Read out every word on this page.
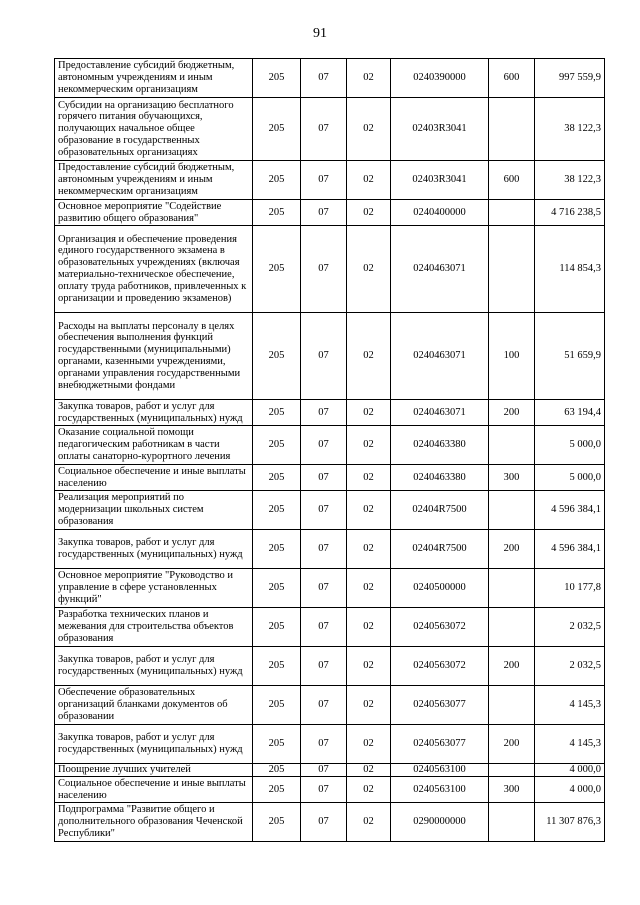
91
Предоставление субсидий бюджетным, автономным учреждениям и иным некоммерческим организациям	205	07	02	0240390000	600	997 559,9
Субсидии на организацию бесплатного горячего питания обучающихся, получающих начальное общее образование в государственных образовательных организациях	205	07	02	02403R3041		38 122,3
Предоставление субсидий бюджетным, автономным учреждениям и иным некоммерческим организациям	205	07	02	02403R3041	600	38 122,3
Основное мероприятие "Содействие развитию общего образования"	205	07	02	0240400000		4 716 238,5
Организация и обеспечение проведения единого государственного экзамена в образовательных учреждениях (включая материально-техническое обеспечение, оплату труда работников, привлеченных к организации и проведению экзаменов)	205	07	02	0240463071		114 854,3
Расходы на выплаты персоналу в целях обеспечения выполнения функций государственными (муниципальными) органами, казенными учреждениями, органами управления государственными внебюджетными фондами	205	07	02	0240463071	100	51 659,9
Закупка товаров, работ и услуг для государственных (муниципальных) нужд	205	07	02	0240463071	200	63 194,4
Оказание социальной помощи педагогическим работникам в части оплаты санаторно-курортного лечения	205	07	02	0240463380		5 000,0
Социальное обеспечение и иные выплаты населению	205	07	02	0240463380	300	5 000,0
Реализация мероприятий по модернизации школьных систем образования	205	07	02	02404R7500		4 596 384,1
Закупка товаров, работ и услуг для государственных (муниципальных) нужд	205	07	02	02404R7500	200	4 596 384,1
Основное мероприятие "Руководство и управление в сфере установленных функций"	205	07	02	0240500000		10 177,8
Разработка технических планов и межевания для строительства объектов образования	205	07	02	0240563072		2 032,5
Закупка товаров, работ и услуг для государственных (муниципальных) нужд	205	07	02	0240563072	200	2 032,5
Обеспечение образовательных организаций бланками документов об образовании	205	07	02	0240563077		4 145,3
Закупка товаров, работ и услуг для государственных (муниципальных) нужд	205	07	02	0240563077	200	4 145,3
Поощрение лучших учителей	205	07	02	0240563100		4 000,0
Социальное обеспечение и иные выплаты населению	205	07	02	0240563100	300	4 000,0
Подпрограмма "Развитие общего и дополнительного образования Чеченской Республики"	205	07	02	0290000000		11 307 876,3
